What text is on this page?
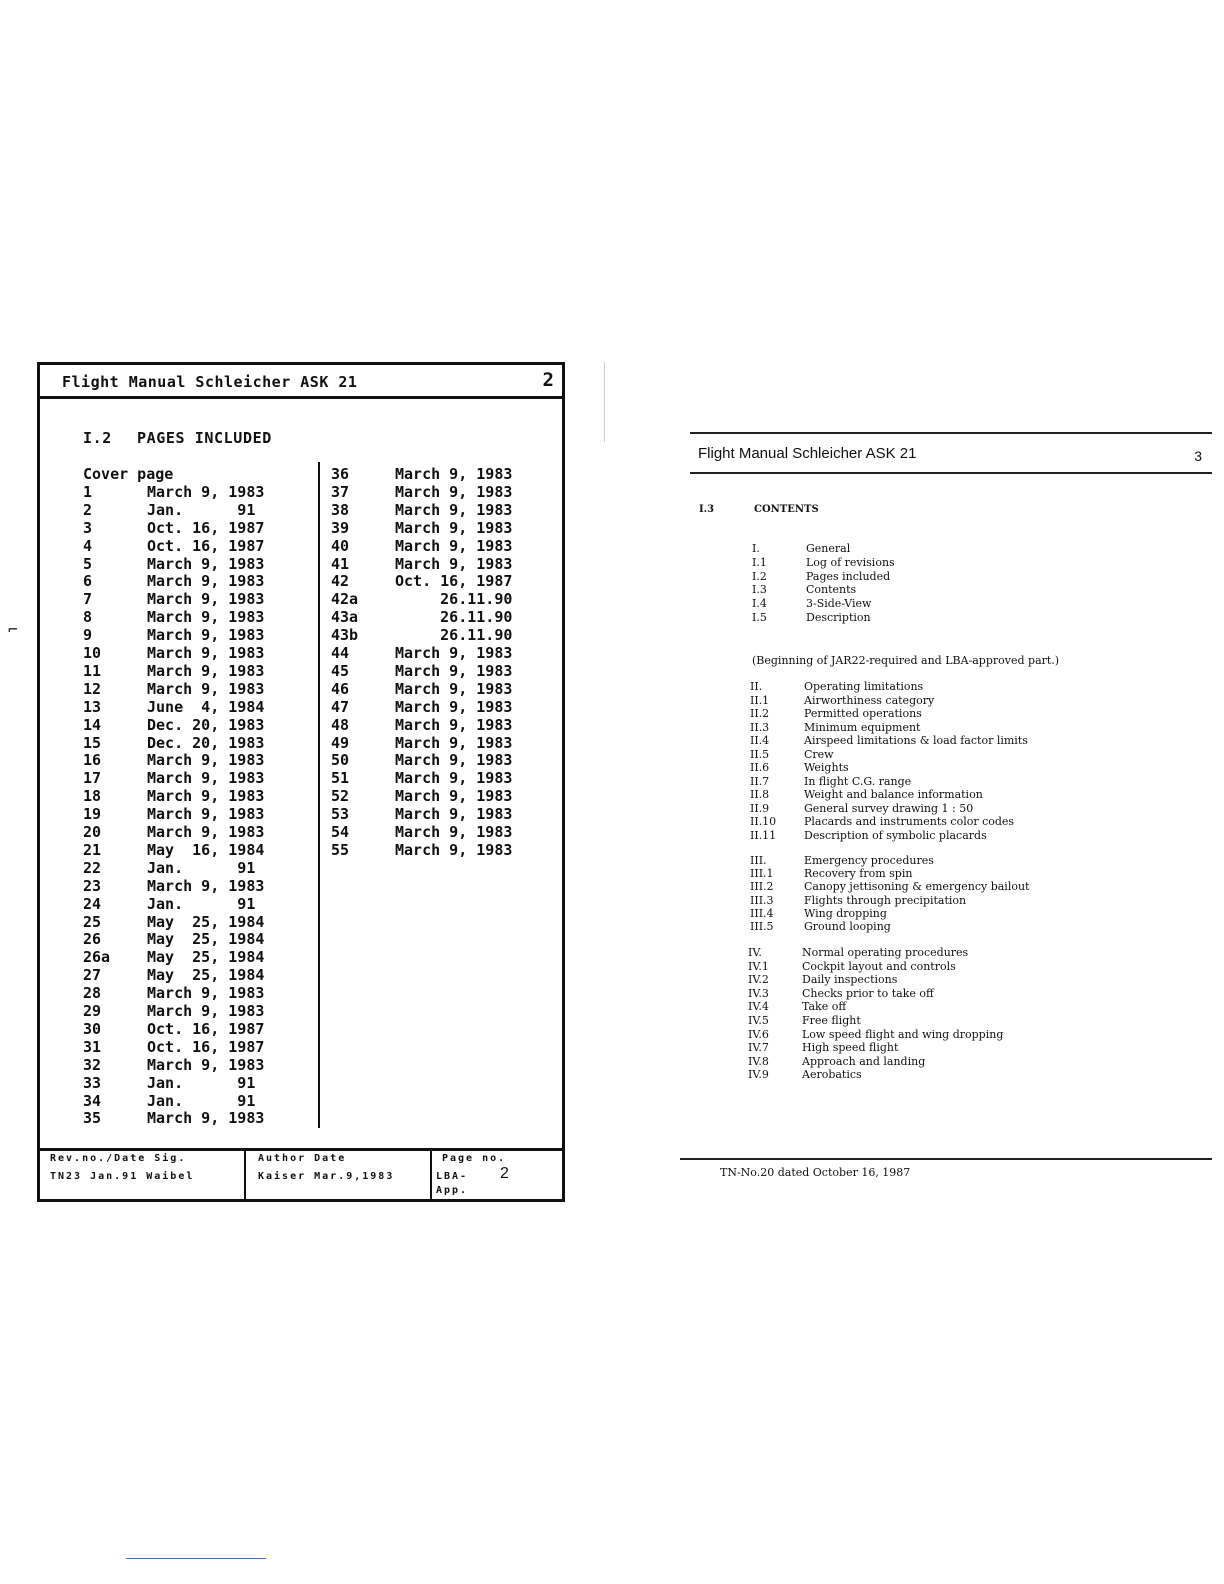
Flight Manual Schleicher ASK 21	2
I.2 PAGES INCLUDED
Cover page
1	March 9, 1983
2	Jan.      91
3	Oct. 16, 1987
4	Oct. 16, 1987
5	March 9, 1983
6	March 9, 1983
7	March 9, 1983
8	March 9, 1983
9	March 9, 1983
10	March 9, 1983
11	March 9, 1983
12	March 9, 1983
13	June  4, 1984
14	Dec. 20, 1983
15	Dec. 20, 1983
16	March 9, 1983
17	March 9, 1983
18	March 9, 1983
19	March 9, 1983
20	March 9, 1983
21	May  16, 1984
22	Jan.      91
23	March 9, 1983
24	Jan.      91
25	May  25, 1984
26	May  25, 1984
26a May  25, 1984
27	May  25, 1984
28	March 9, 1983
29	March 9, 1983
30	Oct. 16, 1987
31	Oct. 16, 1987
32	March 9, 1983
33	Jan.      91
34	Jan.      91
35	March 9, 1983
36	March 9, 1983
37	March 9, 1983
38	March 9, 1983
39	March 9, 1983
40	March 9, 1983
41	March 9, 1983
42	Oct. 16, 1987
42a 26.11.90
43a 26.11.90
43b 26.11.90
44	March 9, 1983
45	March 9, 1983
46	March 9, 1983
47	March 9, 1983
48	March 9, 1983
49	March 9, 1983
50	March 9, 1983
51	March 9, 1983
52	March 9, 1983
53	March 9, 1983
54	March 9, 1983
55	March 9, 1983
Rev.no./Date Sig.
TN23 Jan.91 Waibel
Author Date
Kaiser Mar.9,1983
Page no.
LBA- 2
App.
⌐
Flight Manual Schleicher ASK 21	3
I.3	CONTENTS
I.	General
I.1	Log of revisions
I.2	Pages included
I.3	Contents
I.4	3-Side-View
I.5	Description
(Beginning of JAR22-required and LBA-approved part.)
II.	Operating limitations
II.1	Airworthiness category
II.2	Permitted operations
II.3	Minimum equipment
II.4	Airspeed limitations & load factor limits
II.5	Crew
II.6	Weights
II.7	In flight C.G. range
II.8	Weight and balance information
II.9	General survey drawing 1 : 50
II.10	Placards and instruments color codes
II.11	Description of symbolic placards
III.	Emergency procedures
III.1	Recovery from spin
III.2	Canopy jettisoning & emergency bailout
III.3	Flights through precipitation
III.4	Wing dropping
III.5	Ground looping
IV.	Normal operating procedures
IV.1	Cockpit layout and controls
IV.2	Daily inspections
IV.3	Checks prior to take off
IV.4	Take off
IV.5	Free flight
IV.6	Low speed flight and wing dropping
IV.7	High speed flight
IV.8	Approach and landing
IV.9	Aerobatics
TN-No.20 dated October 16, 1987
